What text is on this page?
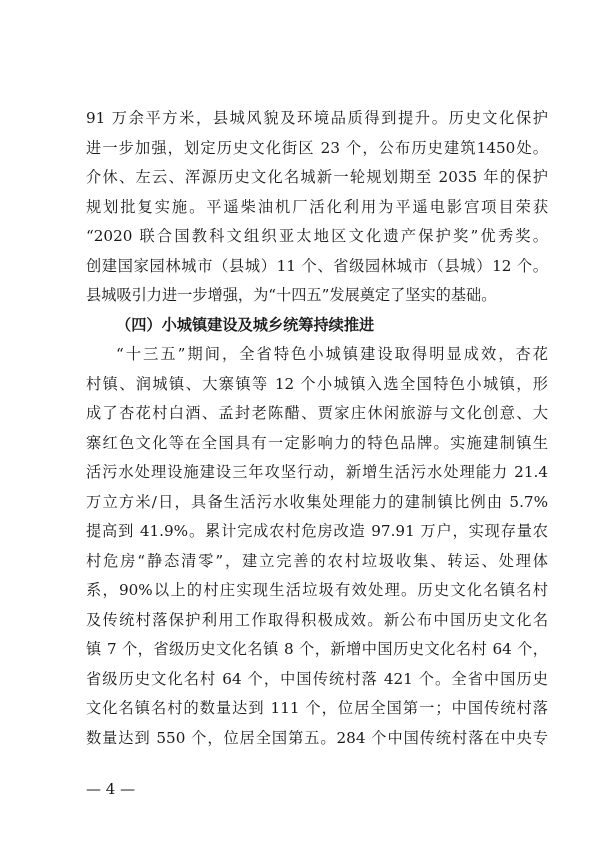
91 万余平方米，县城风貌及环境品质得到提升。历史文化保护
进一步加强，划定历史文化街区 23 个，公布历史建筑1450处。
介休、左云、浑源历史文化名城新一轮规划期至 2035 年的保护
规划批复实施。平遥柴油机厂活化利用为平遥电影宫项目荣获
“2020 联合国教科文组织亚太地区文化遗产保护奖”优秀奖。
创建国家园林城市（县城）11 个、省级园林城市（县城）12 个。
县城吸引力进一步增强，为“十四五”发展奠定了坚实的基础。
（四）小城镇建设及城乡统筹持续推进
“十三五”期间，全省特色小城镇建设取得明显成效，杏花
村镇、润城镇、大寨镇等 12 个小城镇入选全国特色小城镇，形
成了杏花村白酒、孟封老陈醋、贾家庄休闲旅游与文化创意、大
寨红色文化等在全国具有一定影响力的特色品牌。实施建制镇生
活污水处理设施建设三年攻坚行动，新增生活污水处理能力 21.4
万立方米/日，具备生活污水收集处理能力的建制镇比例由 5.7%
提高到 41.9%。累计完成农村危房改造 97.91 万户，实现存量农
村危房“静态清零”，建立完善的农村垃圾收集、转运、处理体
系，90%以上的村庄实现生活垃圾有效处理。历史文化名镇名村
及传统村落保护利用工作取得积极成效。新公布中国历史文化名
镇 7 个，省级历史文化名镇 8 个，新增中国历史文化名村 64 个，
省级历史文化名村 64 个，中国传统村落 421 个。全省中国历史
文化名镇名村的数量达到 111 个，位居全国第一；中国传统村落
数量达到 550 个，位居全国第五。284 个中国传统村落在中央专
— 4 —
